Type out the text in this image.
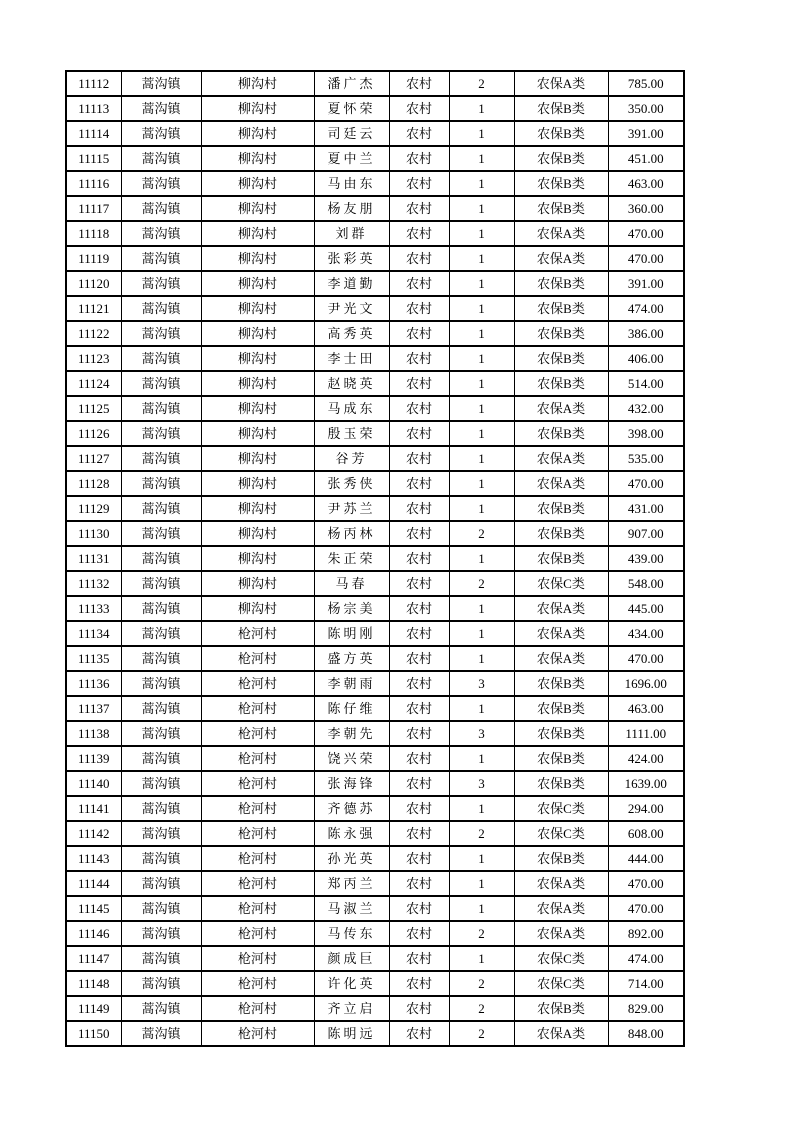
11112	蒿沟镇	柳沟村	潘广杰	农村	2	农保A类	785.00
11113	蒿沟镇	柳沟村	夏怀荣	农村	1	农保B类	350.00
11114	蒿沟镇	柳沟村	司廷云	农村	1	农保B类	391.00
11115	蒿沟镇	柳沟村	夏中兰	农村	1	农保B类	451.00
11116	蒿沟镇	柳沟村	马由东	农村	1	农保B类	463.00
11117	蒿沟镇	柳沟村	杨友朋	农村	1	农保B类	360.00
11118	蒿沟镇	柳沟村	刘群	农村	1	农保A类	470.00
11119	蒿沟镇	柳沟村	张彩英	农村	1	农保A类	470.00
11120	蒿沟镇	柳沟村	李道勤	农村	1	农保B类	391.00
11121	蒿沟镇	柳沟村	尹光文	农村	1	农保B类	474.00
11122	蒿沟镇	柳沟村	高秀英	农村	1	农保B类	386.00
11123	蒿沟镇	柳沟村	李士田	农村	1	农保B类	406.00
11124	蒿沟镇	柳沟村	赵晓英	农村	1	农保B类	514.00
11125	蒿沟镇	柳沟村	马成东	农村	1	农保A类	432.00
11126	蒿沟镇	柳沟村	殷玉荣	农村	1	农保B类	398.00
11127	蒿沟镇	柳沟村	谷芳	农村	1	农保A类	535.00
11128	蒿沟镇	柳沟村	张秀侠	农村	1	农保A类	470.00
11129	蒿沟镇	柳沟村	尹苏兰	农村	1	农保B类	431.00
11130	蒿沟镇	柳沟村	杨丙林	农村	2	农保B类	907.00
11131	蒿沟镇	柳沟村	朱正荣	农村	1	农保B类	439.00
11132	蒿沟镇	柳沟村	马春	农村	2	农保C类	548.00
11133	蒿沟镇	柳沟村	杨宗美	农村	1	农保A类	445.00
11134	蒿沟镇	枪河村	陈明刚	农村	1	农保A类	434.00
11135	蒿沟镇	枪河村	盛方英	农村	1	农保A类	470.00
11136	蒿沟镇	枪河村	李朝雨	农村	3	农保B类	1696.00
11137	蒿沟镇	枪河村	陈仔维	农村	1	农保B类	463.00
11138	蒿沟镇	枪河村	李朝先	农村	3	农保B类	1111.00
11139	蒿沟镇	枪河村	饶兴荣	农村	1	农保B类	424.00
11140	蒿沟镇	枪河村	张海锋	农村	3	农保B类	1639.00
11141	蒿沟镇	枪河村	齐德苏	农村	1	农保C类	294.00
11142	蒿沟镇	枪河村	陈永强	农村	2	农保C类	608.00
11143	蒿沟镇	枪河村	孙光英	农村	1	农保B类	444.00
11144	蒿沟镇	枪河村	郑丙兰	农村	1	农保A类	470.00
11145	蒿沟镇	枪河村	马淑兰	农村	1	农保A类	470.00
11146	蒿沟镇	枪河村	马传东	农村	2	农保A类	892.00
11147	蒿沟镇	枪河村	颜成巨	农村	1	农保C类	474.00
11148	蒿沟镇	枪河村	许化英	农村	2	农保C类	714.00
11149	蒿沟镇	枪河村	齐立启	农村	2	农保B类	829.00
11150	蒿沟镇	枪河村	陈明远	农村	2	农保A类	848.00
